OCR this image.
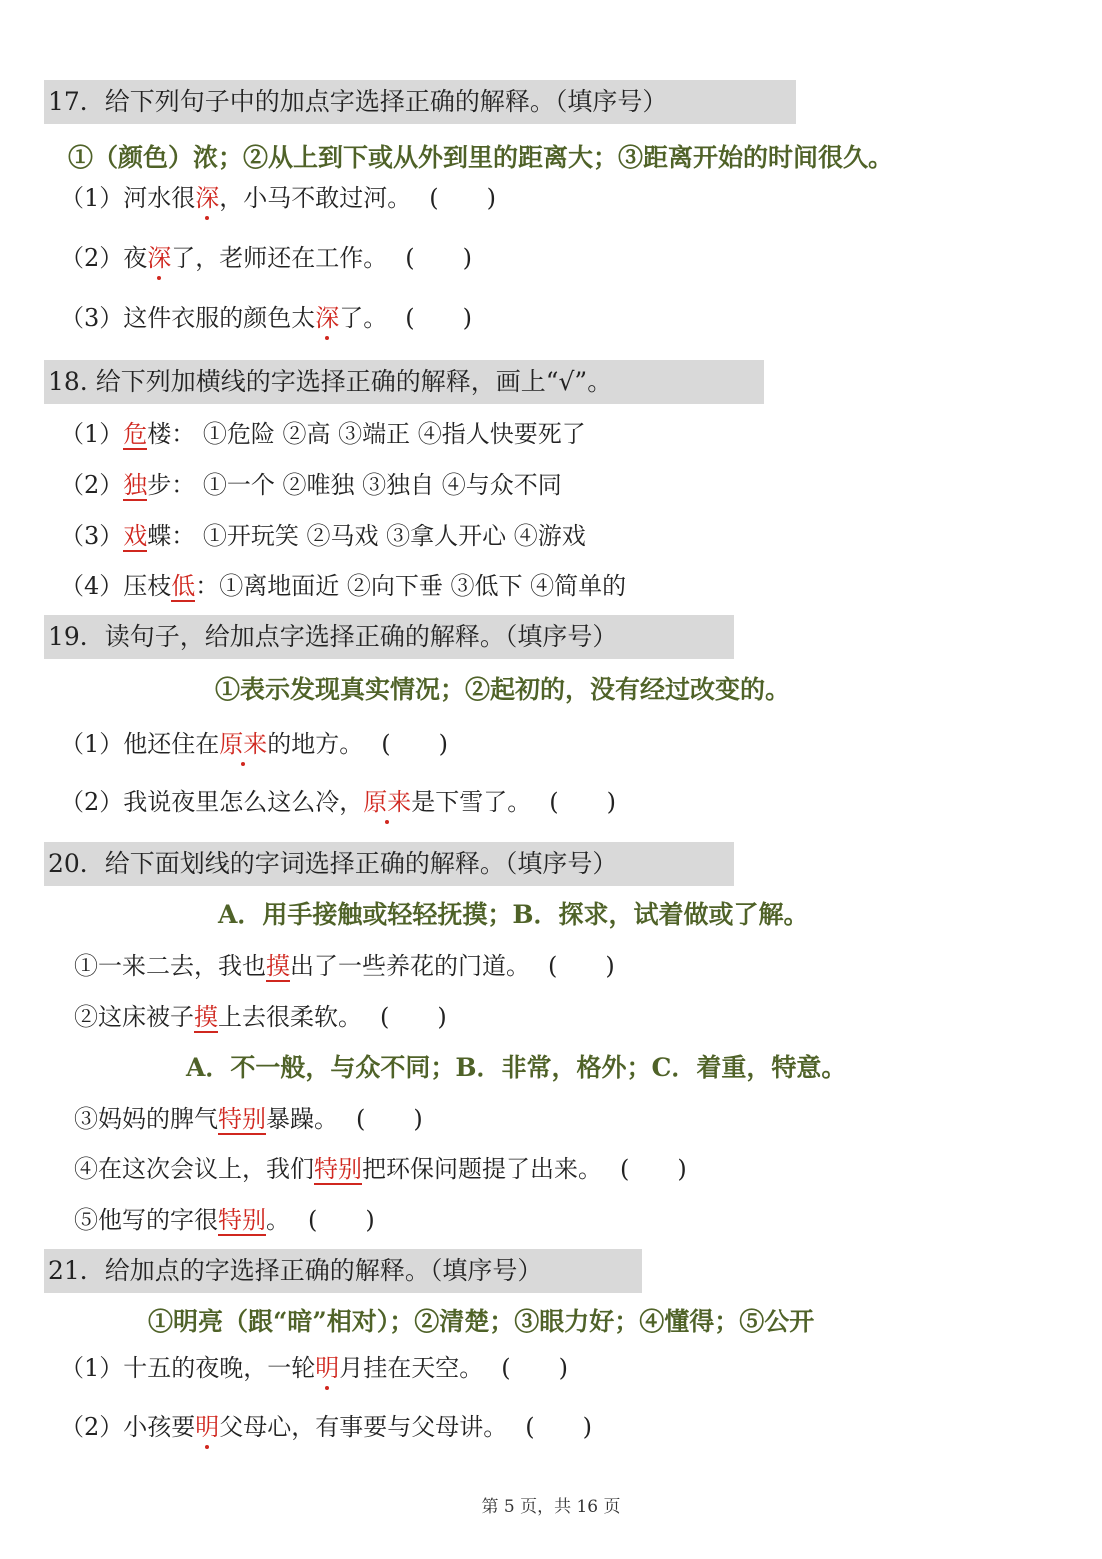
17．给下列句子中的加点字选择正确的解释。（填序号）
①（颜色）浓；②从上到下或从外到里的距离大；③距离开始的时间很久。
（1）河水很深，小马不敢过河。 (　　)
（2）夜深了，老师还在工作。 (　　)
（3）这件衣服的颜色太深了。 (　　)
18. 给下列加横线的字选择正确的解释，画上“√”。
（1）危楼： ①危险 ②高 ③端正 ④指人快要死了
（2）独步： ①一个 ②唯独 ③独自 ④与众不同
（3）戏蝶： ①开玩笑 ②马戏 ③拿人开心 ④游戏
（4）压枝低：①离地面近 ②向下垂 ③低下 ④简单的
19．读句子，给加点字选择正确的解释。（填序号）
①表示发现真实情况；②起初的，没有经过改变的。
（1）他还住在原来的地方。 (　　)
（2）我说夜里怎么这么冷，原来是下雪了。 (　　)
20．给下面划线的字词选择正确的解释。（填序号）
A．用手接触或轻轻抚摸；B．探求，试着做或了解。
①一来二去，我也摸出了一些养花的门道。 (　　)
②这床被子摸上去很柔软。 (　　)
A．不一般，与众不同；B．非常，格外；C．着重，特意。
③妈妈的脾气特别暴躁。 (　　)
④在这次会议上，我们特别把环保问题提了出来。 (　　)
⑤他写的字很特别。 (　　)
21．给加点的字选择正确的解释。（填序号）
①明亮（跟“暗”相对）；②清楚；③眼力好；④懂得；⑤公开
（1）十五的夜晚，一轮明月挂在天空。 (　　)
（2）小孩要明父母心，有事要与父母讲。 (　　)
第 5 页，共 16 页
